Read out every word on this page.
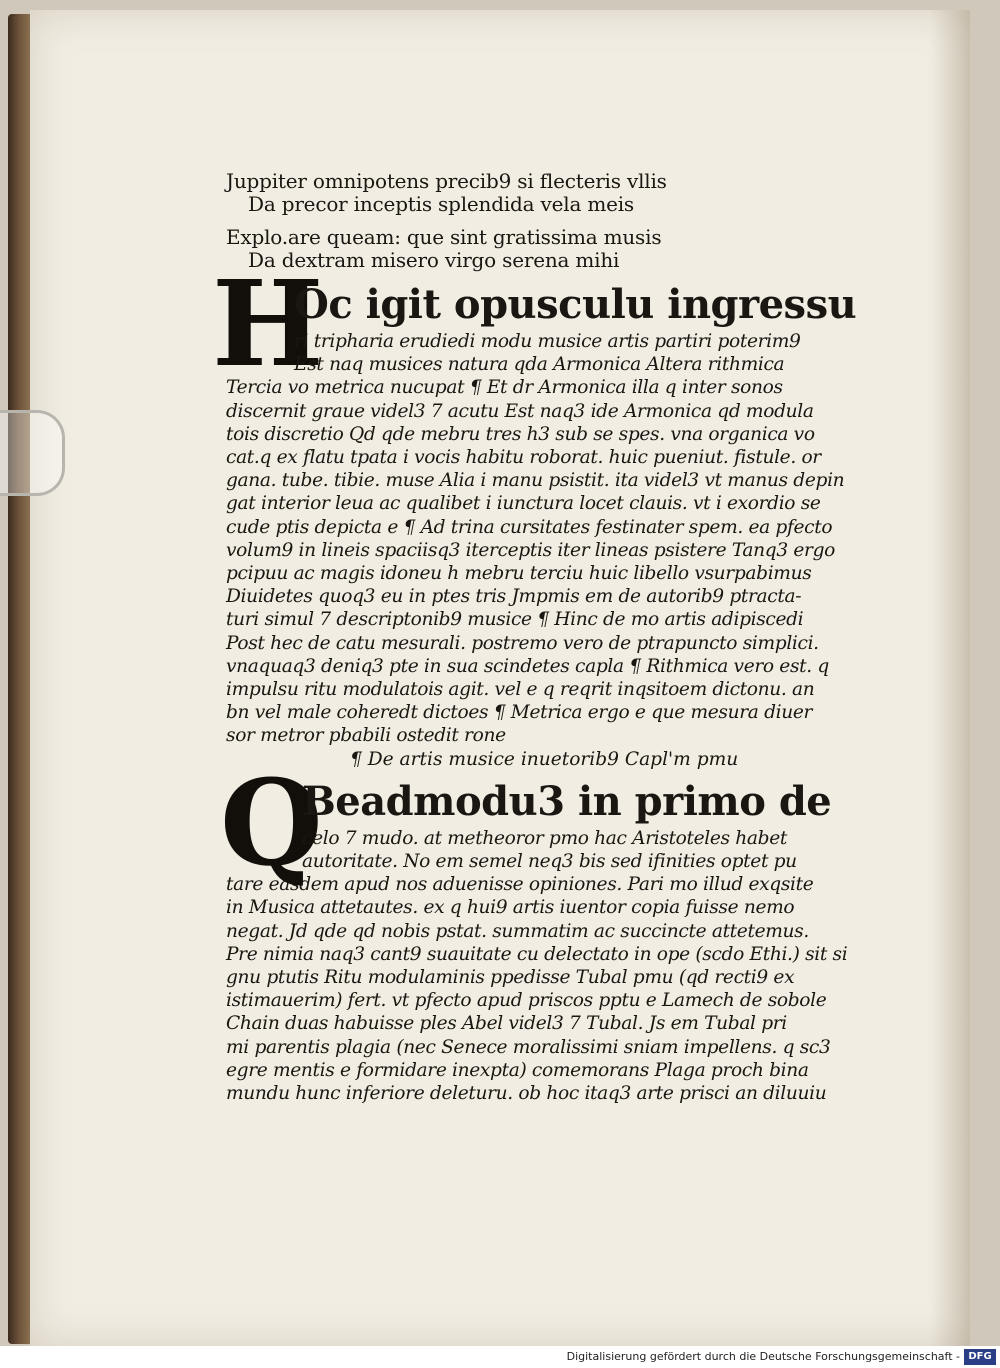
Juppiter omnipotens precib9 si flecteris vllis
Da precor inceptis splendida vela meis
Explo.are queam: que sint gratissima musis
Da dextram misero virgo serena mihi
H
Oc igit opusculu ingressu
ri tripharia erudiedi modu musice artis partiri poterim9
Est naq musices natura qda Armonica Altera rithmica
Tercia vo metrica nucupat ¶ Et dr Armonica illa q inter sonos
discernit graue videl3 7 acutu Est naq3 ide Armonica qd modula
tois discretio Qd qde mebru tres h3 sub se spes. vna organica vo
cat.q ex flatu tpata i vocis habitu roborat. huic pueniut. fistule. or
gana. tube. tibie. muse Alia i manu psistit. ita videl3 vt manus depin
gat interior leua ac qualibet i iunctura locet clauis. vt i exordio se
cude ptis depicta e ¶ Ad trina cursitates festinater spem. ea pfecto
volum9 in lineis spaciisq3 iterceptis iter lineas psistere Tanq3 ergo
pcipuu ac magis idoneu h mebru terciu huic libello vsurpabimus
Diuidetes quoq3 eu in ptes tris Jmpmis em de autorib9 ptracta-
turi simul 7 descriptonib9 musice ¶ Hinc de mo artis adipiscedi
Post hec de catu mesurali. postremo vero de ptrapuncto simplici.
vnaquaq3 deniq3 pte in sua scindetes capla ¶ Rithmica vero est. q
impulsu ritu modulatois agit. vel e q reqrit inqsitoem dictonu. an
bn vel male coheredt dictoes ¶ Metrica ergo e que mesura diuer
sor metror pbabili ostedit rone
¶ De artis musice inuetorib9 Capl'm pmu
Q
Beadmodu3 in primo de
celo 7 mudo. at metheoror pmo hac Aristoteles habet
autoritate. No em semel neq3 bis sed ifinities optet pu
tare easdem apud nos aduenisse opiniones. Pari mo illud exqsite
in Musica attetautes. ex q hui9 artis iuentor copia fuisse nemo
negat. Jd qde qd nobis pstat. summatim ac succincte attetemus.
Pre nimia naq3 cant9 suauitate cu delectato in ope (scdo Ethi.) sit si
gnu ptutis Ritu modulaminis ppedisse Tubal pmu (qd recti9 ex
istimauerim) fert. vt pfecto apud priscos pptu e Lamech de sobole
Chain duas habuisse ples Abel videl3 7 Tubal. Js em Tubal pri
mi parentis plagia (nec Senece moralissimi sniam impellens. q sc3
egre mentis e formidare inexpta) comemorans Plaga proch bina
mundu hunc inferiore deleturu. ob hoc itaq3 arte prisci an diluuiu
Digitalisierung gefördert durch die Deutsche Forschungsgemeinschaft - DFG
